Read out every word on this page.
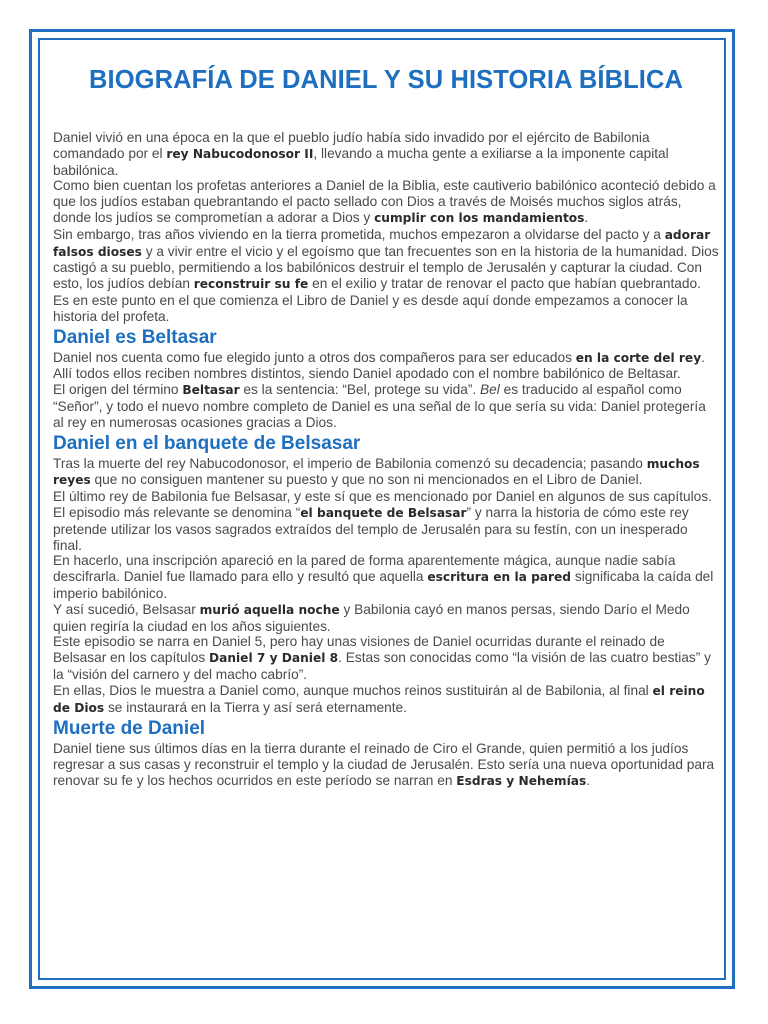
BIOGRAFÍA DE DANIEL Y SU HISTORIA BÍBLICA

Daniel vivió en una época en la que el pueblo judío había sido invadido por el ejército de Babilonia comandado por el rey Nabucodonosor II, llevando a mucha gente a exiliarse a la imponente capital babilónica.

Como bien cuentan los profetas anteriores a Daniel de la Biblia, este cautiverio babilónico aconteció debido a que los judíos estaban quebrantando el pacto sellado con Dios a través de Moisés muchos siglos atrás, donde los judíos se comprometían a adorar a Dios y cumplir con los mandamientos.

Sin embargo, tras años viviendo en la tierra prometida, muchos empezaron a olvidarse del pacto y a adorar falsos dioses y a vivir entre el vicio y el egoísmo que tan frecuentes son en la historia de la humanidad. Dios castigó a su pueblo, permitiendo a los babilónicos destruir el templo de Jerusalén y capturar la ciudad. Con esto, los judíos debían reconstruir su fe en el exilio y tratar de renovar el pacto que habían quebrantado.

Es en este punto en el que comienza el Libro de Daniel y es desde aquí donde empezamos a conocer la historia del profeta.

Daniel es Beltasar

Daniel nos cuenta como fue elegido junto a otros dos compañeros para ser educados en la corte del rey. Allí todos ellos reciben nombres distintos, siendo Daniel apodado con el nombre babilónico de Beltasar.

El origen del término Beltasar es la sentencia: “Bel, protege su vida”. Bel es traducido al español como “Señor”, y todo el nuevo nombre completo de Daniel es una señal de lo que sería su vida: Daniel protegería al rey en numerosas ocasiones gracias a Dios.

Daniel en el banquete de Belsasar

Tras la muerte del rey Nabucodonosor, el imperio de Babilonia comenzó su decadencia; pasando muchos reyes que no consiguen mantener su puesto y que no son ni mencionados en el Libro de Daniel.

El último rey de Babilonia fue Belsasar, y este sí que es mencionado por Daniel en algunos de sus capítulos. El episodio más relevante se denomina “el banquete de Belsasar” y narra la historia de cómo este rey pretende utilizar los vasos sagrados extraídos del templo de Jerusalén para su festín, con un inesperado final.

En hacerlo, una inscripción apareció en la pared de forma aparentemente mágica, aunque nadie sabía descifrarla. Daniel fue llamado para ello y resultó que aquella escritura en la pared significaba la caída del imperio babilónico.

Y así sucedió, Belsasar murió aquella noche y Babilonia cayó en manos persas, siendo Darío el Medo quien regiría la ciudad en los años siguientes.

Este episodio se narra en Daniel 5, pero hay unas visiones de Daniel ocurridas durante el reinado de Belsasar en los capítulos Daniel 7 y Daniel 8. Estas son conocidas como “la visión de las cuatro bestias” y la “visión del carnero y del macho cabrío”.

En ellas, Dios le muestra a Daniel como, aunque muchos reinos sustituirán al de Babilonia, al final el reino de Dios se instaurará en la Tierra y así será eternamente.

Muerte de Daniel

Daniel tiene sus últimos días en la tierra durante el reinado de Ciro el Grande, quien permitió a los judíos regresar a sus casas y reconstruir el templo y la ciudad de Jerusalén. Esto sería una nueva oportunidad para renovar su fe y los hechos ocurridos en este período se narran en Esdras y Nehemías.
